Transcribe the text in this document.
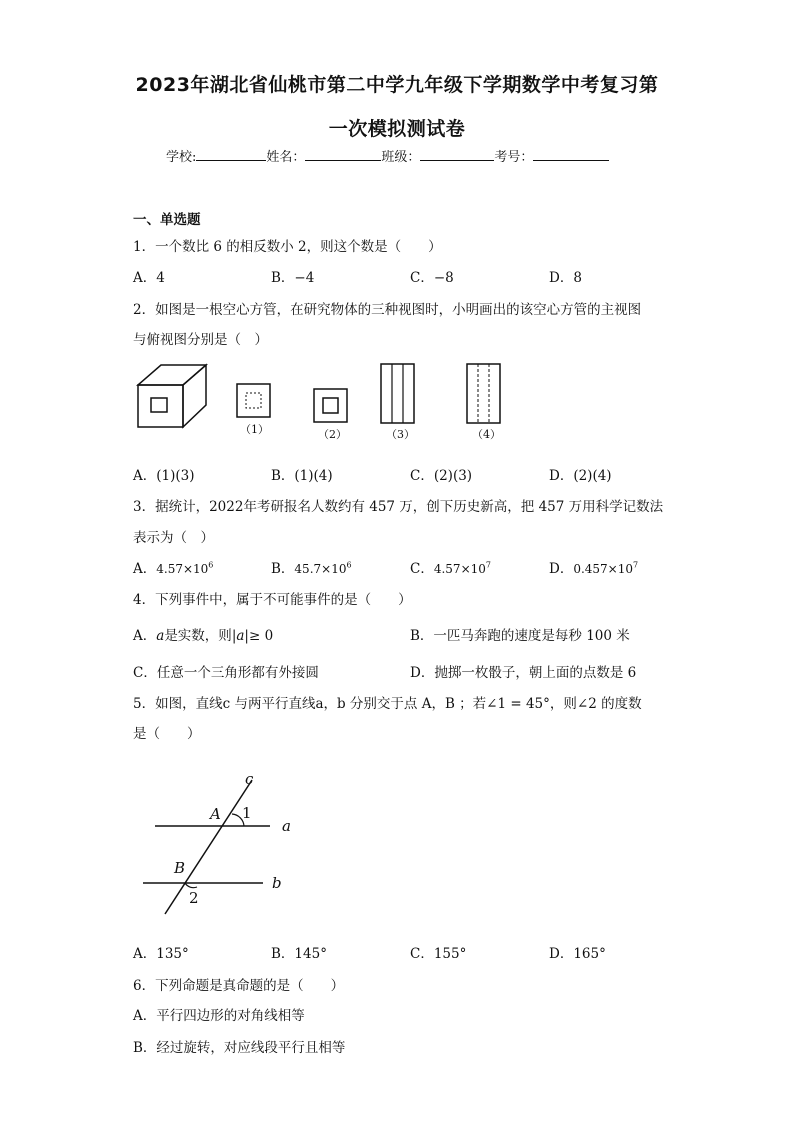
2023年湖北省仙桃市第二中学九年级下学期数学中考复习第
一次模拟测试卷
学校:	姓名：	班级：	考号：
一、单选题
1．一个数比 6 的相反数小 2，则这个数是（　　）
A．4	B．−4	C．−8	D．8
2．如图是一根空心方管，在研究物体的三种视图时，小明画出的该空心方管的主视图
与俯视图分别是（　）
（1）	（2）	（3）	（4）
A．(1)(3)	B．(1)(4)	C．(2)(3)	D．(2)(4)
3．据统计，2022年考研报名人数约有 457 万，创下历史新高，把 457 万用科学记数法
表示为（　）
A．$4.57\times 10^6$	B．$45.7\times 10^6$	C．$4.57\times 10^7$	D．$0.457\times 10^7$
4．下列事件中，属于不可能事件的是（　　）
A．a是实数，则|a|≥ 0	B．一匹马奔跑的速度是每秒 100 米
C．任意一个三角形都有外接圆	D．抛掷一枚骰子，朝上面的点数是 6
5．如图，直线c 与两平行直线a，b 分别交于点 A，B ；若∠1 = 45°，则∠2 的度数
是（　　）
c
a
b
A
B
1
2
A．135°	B．145°	C．155°	D．165°
6．下列命题是真命题的是（　　）
A．平行四边形的对角线相等
B．经过旋转，对应线段平行且相等
